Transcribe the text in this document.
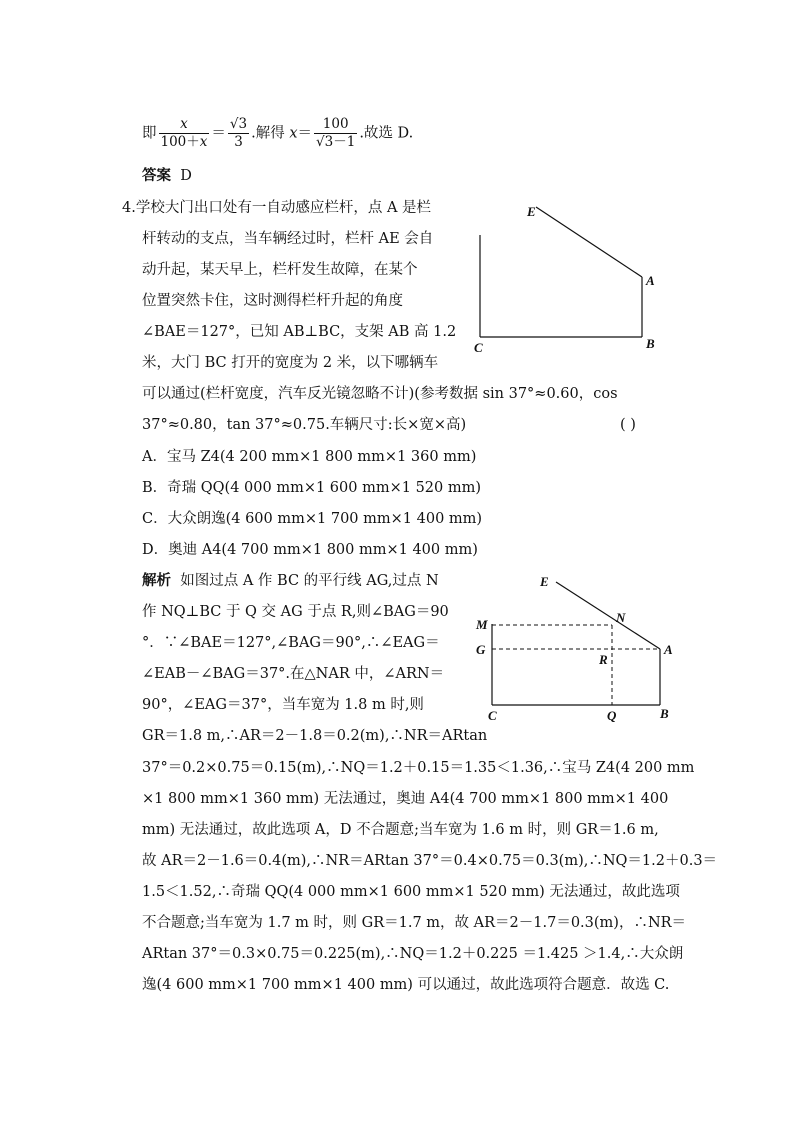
即 $\frac{x}{100+x} = \frac{√3}{3}$ .解得 $x= \frac{100}{√3-1}$ .故选 D.
答案 D
4.学校大门出口处有一自动感应栏杆，点 A 是栏
杆转动的支点，当车辆经过时，栏杆 AE 会自
动升起，某天早上，栏杆发生故障，在某个
位置突然卡住，这时测得栏杆升起的角度
∠BAE＝127°，已知 AB⊥BC，支架 AB 高 1.2
米，大门 BC 打开的宽度为 2 米，以下哪辆车
可以通过(栏杆宽度，汽车反光镜忽略不计)(参考数据 sin 37°≈0.60，cos
37°≈0.80，tan 37°≈0.75.车辆尺寸:长×宽×高)	( )
A．宝马 Z4(4 200 mm×1 800 mm×1 360 mm)
B．奇瑞 QQ(4 000 mm×1 600 mm×1 520 mm)
C．大众朗逸(4 600 mm×1 700 mm×1 400 mm)
D．奥迪 A4(4 700 mm×1 800 mm×1 400 mm)
解析 如图过点 A 作 BC 的平行线 AG,过点 N
作 NQ⊥BC 于 Q 交 AG 于点 R,则∠BAG＝90
°．∵∠BAE＝127°,∠BAG＝90°,∴∠EAG＝
∠EAB－∠BAG＝37°.在△NAR 中，∠ARN＝
90°，∠EAG＝37°，当车宽为 1.8 m 时,则
GR＝1.8 m,∴AR＝2－1.8＝0.2(m),∴NR＝ARtan
37°＝0.2×0.75＝0.15(m),∴NQ＝1.2＋0.15＝1.35＜1.36,∴宝马 Z4(4 200 mm
×1 800 mm×1 360 mm) 无法通过，奥迪 A4(4 700 mm×1 800 mm×1 400
mm) 无法通过，故此选项 A，D 不合题意;当车宽为 1.6 m 时，则 GR＝1.6 m,
故 AR＝2－1.6＝0.4(m),∴NR＝ARtan 37°＝0.4×0.75＝0.3(m),∴NQ＝1.2＋0.3＝
1.5＜1.52,∴奇瑞 QQ(4 000 mm×1 600 mm×1 520 mm) 无法通过，故此选项
不合题意;当车宽为 1.7 m 时，则 GR＝1.7 m，故 AR＝2－1.7＝0.3(m)，∴NR＝
ARtan 37°＝0.3×0.75＝0.225(m),∴NQ＝1.2＋0.225 ＝1.425 ＞1.4,∴大众朗
逸(4 600 mm×1 700 mm×1 400 mm) 可以通过，故此选项符合题意．故选 C.
E
A
B
C
E
N
M
G
R
A
C	Q	B
